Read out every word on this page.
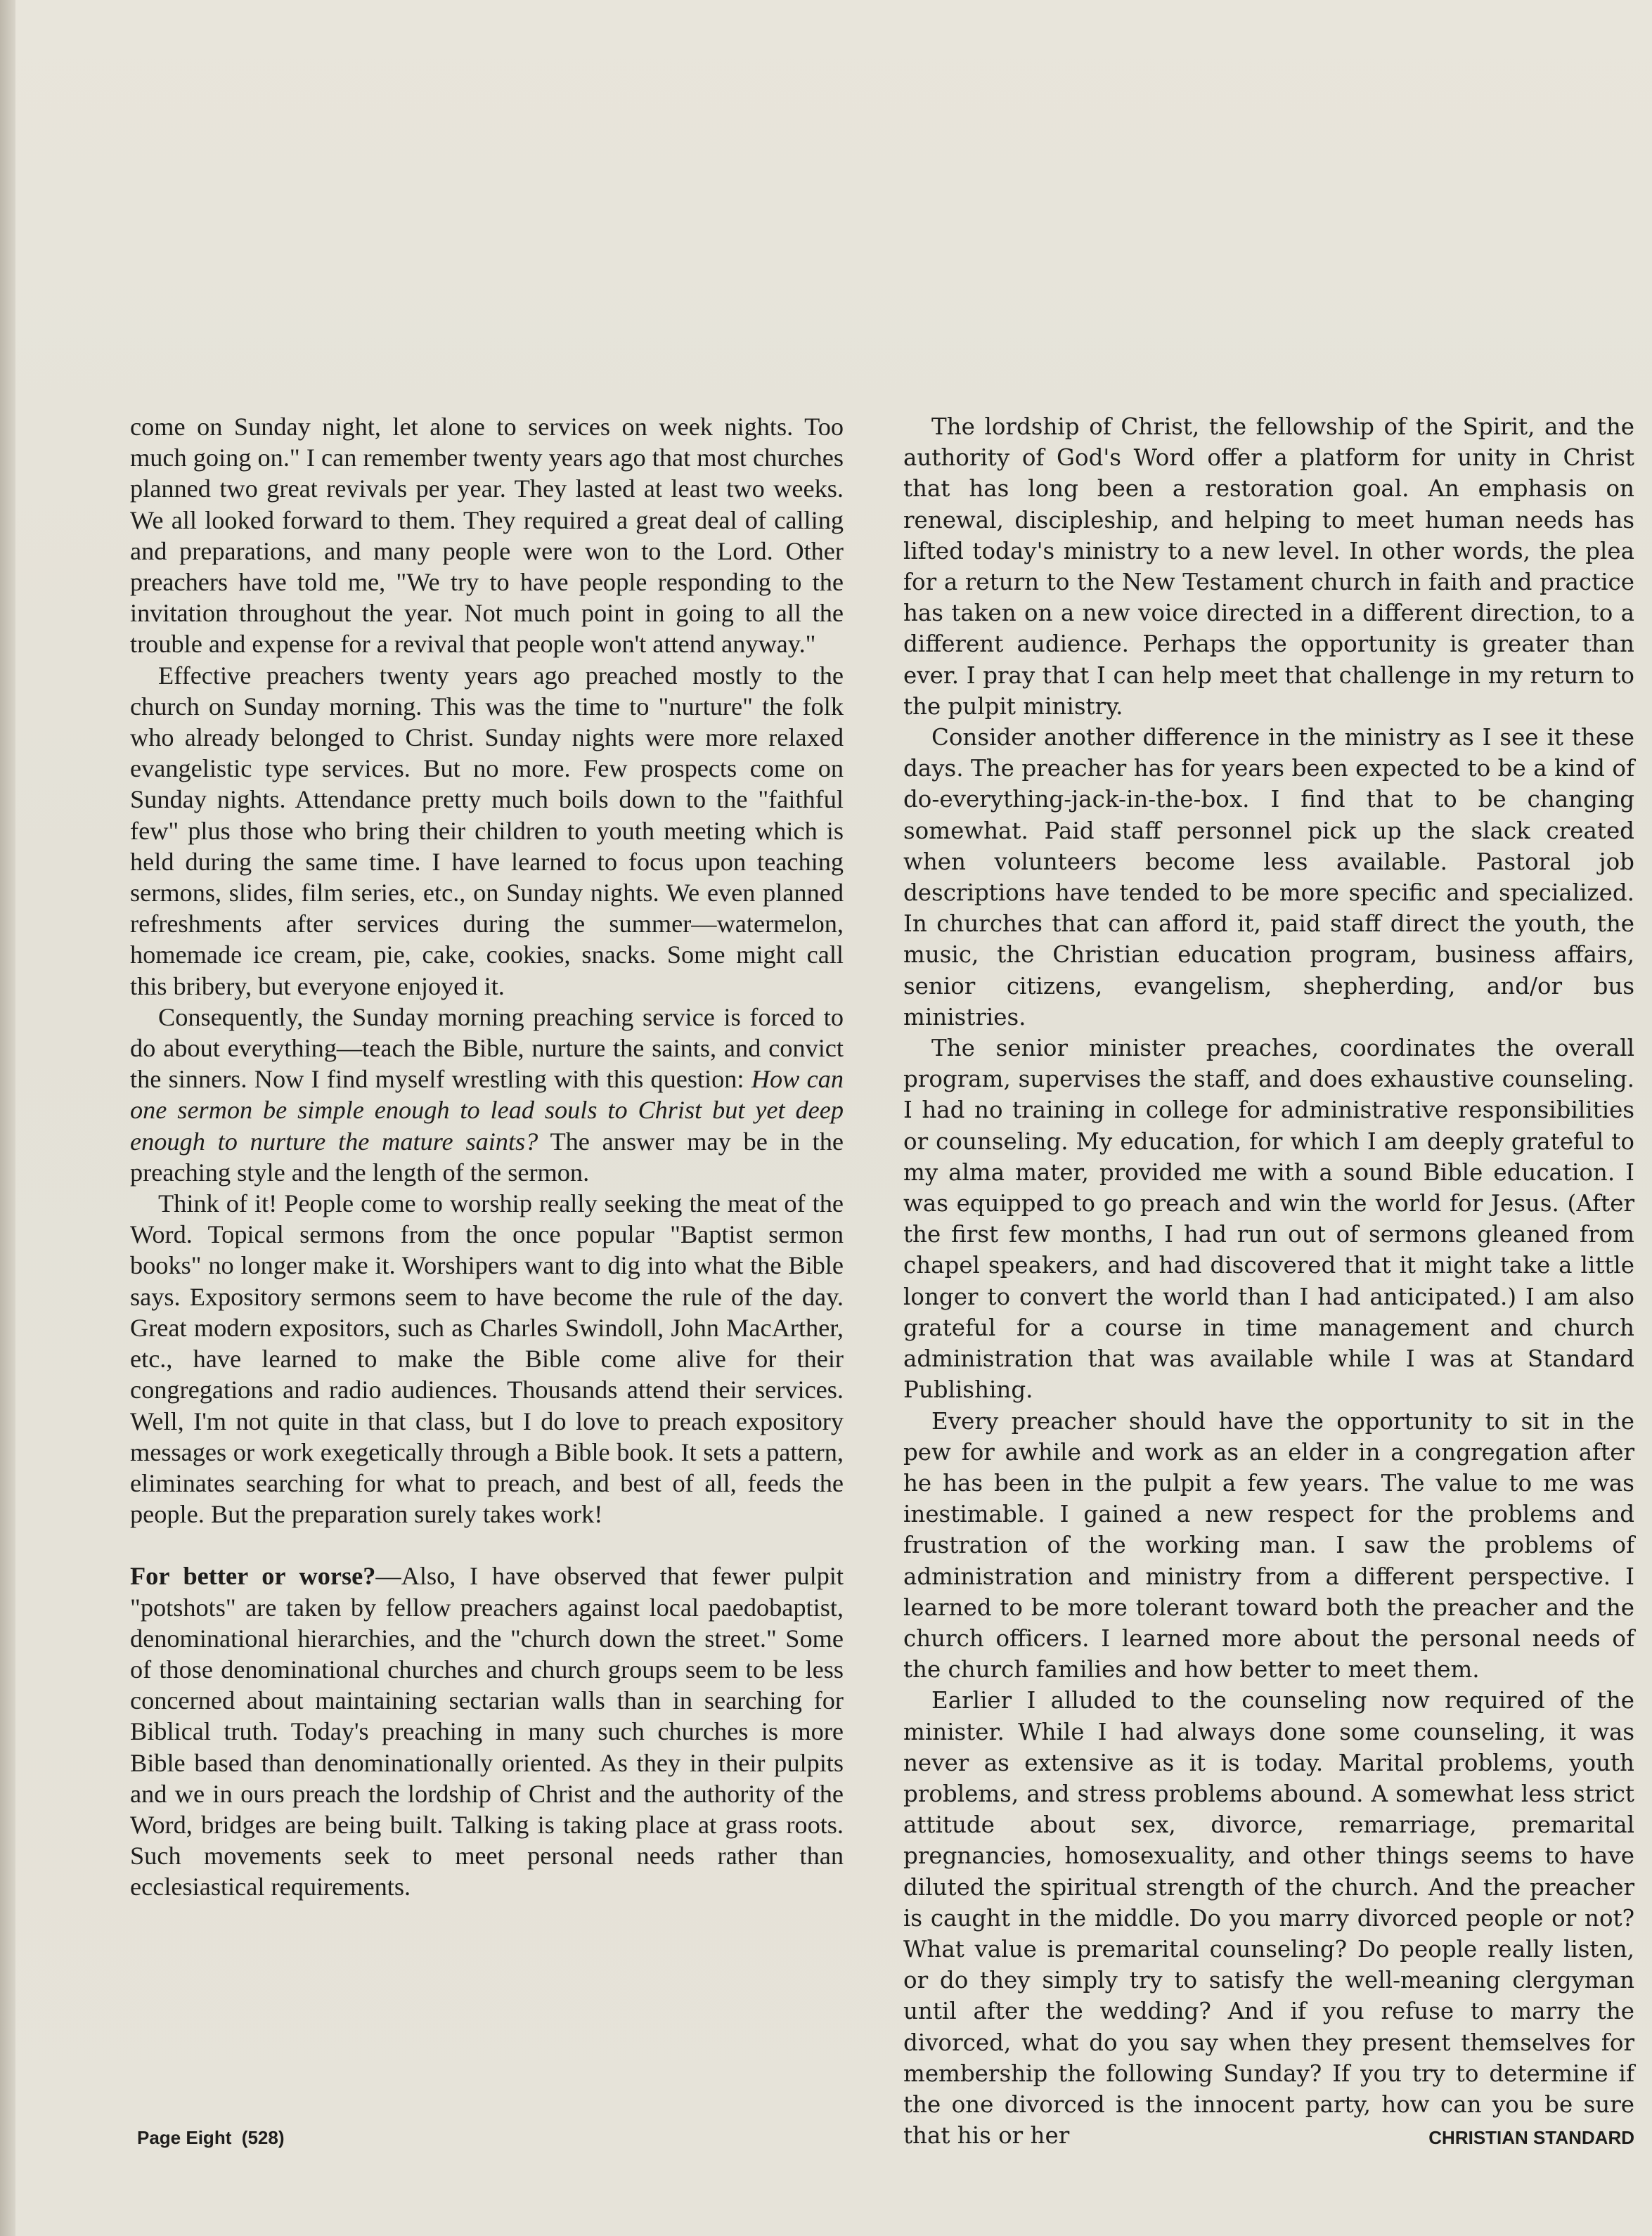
come on Sunday night, let alone to services on week nights. Too much going on." I can remember twenty years ago that most churches planned two great revivals per year. They lasted at least two weeks. We all looked forward to them. They required a great deal of calling and preparations, and many people were won to the Lord. Other preachers have told me, "We try to have people responding to the invitation throughout the year. Not much point in going to all the trouble and expense for a revival that people won't attend anyway."

Effective preachers twenty years ago preached mostly to the church on Sunday morning. This was the time to "nurture" the folk who already belonged to Christ. Sunday nights were more relaxed evangelistic type services. But no more. Few prospects come on Sunday nights. Attendance pretty much boils down to the "faithful few" plus those who bring their children to youth meeting which is held during the same time. I have learned to focus upon teaching sermons, slides, film series, etc., on Sunday nights. We even planned refreshments after services during the summer—watermelon, homemade ice cream, pie, cake, cookies, snacks. Some might call this bribery, but everyone enjoyed it.

Consequently, the Sunday morning preaching service is forced to do about everything—teach the Bible, nurture the saints, and convict the sinners. Now I find myself wrestling with this question: How can one sermon be simple enough to lead souls to Christ but yet deep enough to nurture the mature saints? The answer may be in the preaching style and the length of the sermon.

Think of it! People come to worship really seeking the meat of the Word. Topical sermons from the once popular "Baptist sermon books" no longer make it. Worshipers want to dig into what the Bible says. Expository sermons seem to have become the rule of the day. Great modern expositors, such as Charles Swindoll, John MacArther, etc., have learned to make the Bible come alive for their congregations and radio audiences. Thousands attend their services. Well, I'm not quite in that class, but I do love to preach expository messages or work exegetically through a Bible book. It sets a pattern, eliminates searching for what to preach, and best of all, feeds the people. But the preparation surely takes work!

For better or worse?—Also, I have observed that fewer pulpit "potshots" are taken by fellow preachers against local paedobaptist, denominational hierarchies, and the "church down the street." Some of those denominational churches and church groups seem to be less concerned about maintaining sectarian walls than in searching for Biblical truth. Today's preaching in many such churches is more Bible based than denominationally oriented. As they in their pulpits and we in ours preach the lordship of Christ and the authority of the Word, bridges are being built. Talking is taking place at grass roots. Such movements seek to meet personal needs rather than ecclesiastical requirements.

The lordship of Christ, the fellowship of the Spirit, and the authority of God's Word offer a platform for unity in Christ that has long been a restoration goal. An emphasis on renewal, discipleship, and helping to meet human needs has lifted today's ministry to a new level. In other words, the plea for a return to the New Testament church in faith and practice has taken on a new voice directed in a different direction, to a different audience. Perhaps the opportunity is greater than ever. I pray that I can help meet that challenge in my return to the pulpit ministry.

Consider another difference in the ministry as I see it these days. The preacher has for years been expected to be a kind of do-everything-jack-in-the-box. I find that to be changing somewhat. Paid staff personnel pick up the slack created when volunteers become less available. Pastoral job descriptions have tended to be more specific and specialized. In churches that can afford it, paid staff direct the youth, the music, the Christian education program, business affairs, senior citizens, evangelism, shepherding, and/or bus ministries.

The senior minister preaches, coordinates the overall program, supervises the staff, and does exhaustive counseling. I had no training in college for administrative responsibilities or counseling. My education, for which I am deeply grateful to my alma mater, provided me with a sound Bible education. I was equipped to go preach and win the world for Jesus. (After the first few months, I had run out of sermons gleaned from chapel speakers, and had discovered that it might take a little longer to convert the world than I had anticipated.) I am also grateful for a course in time management and church administration that was available while I was at Standard Publishing.

Every preacher should have the opportunity to sit in the pew for awhile and work as an elder in a congregation after he has been in the pulpit a few years. The value to me was inestimable. I gained a new respect for the problems and frustration of the working man. I saw the problems of administration and ministry from a different perspective. I learned to be more tolerant toward both the preacher and the church officers. I learned more about the personal needs of the church families and how better to meet them.

Earlier I alluded to the counseling now required of the minister. While I had always done some counseling, it was never as extensive as it is today. Marital problems, youth problems, and stress problems abound. A somewhat less strict attitude about sex, divorce, remarriage, premarital pregnancies, homosexuality, and other things seems to have diluted the spiritual strength of the church. And the preacher is caught in the middle. Do you marry divorced people or not? What value is premarital counseling? Do people really listen, or do they simply try to satisfy the well-meaning clergyman until after the wedding? And if you refuse to marry the divorced, what do you say when they present themselves for membership the following Sunday? If you try to determine if the one divorced is the innocent party, how can you be sure that his or her

Page Eight  (528)	CHRISTIAN STANDARD
